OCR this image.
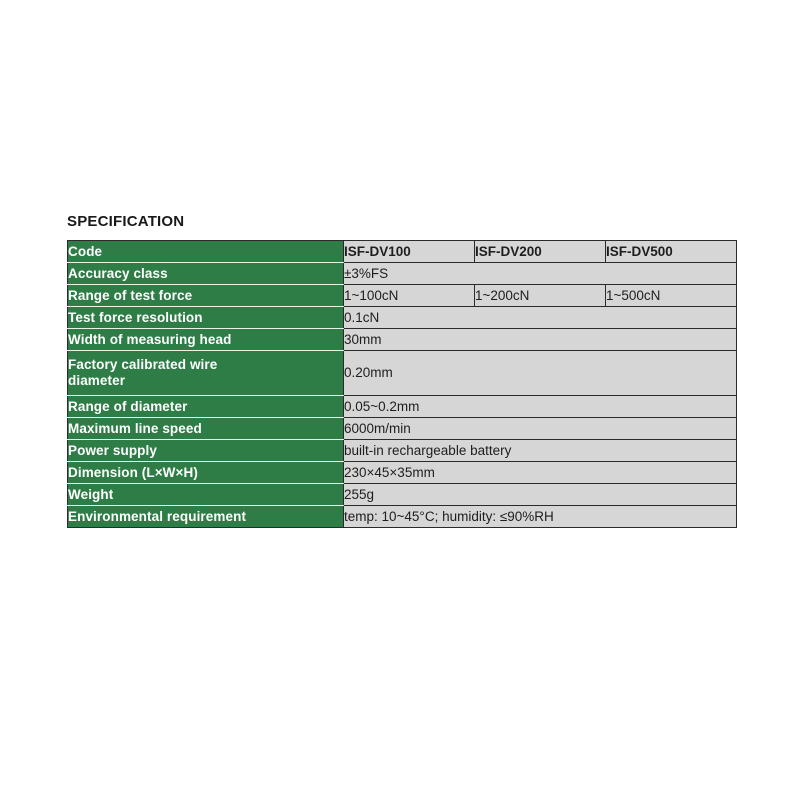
SPECIFICATION
Code	ISF-DV100	ISF-DV200	ISF-DV500

Accuracy class	±3%FS		

Range of test force	1~100cN	1~200cN	1~500cN

Test force resolution	0.1cN		

Width of measuring head	30mm		

Factory calibrated wire
diameter	0.20mm		

Range of diameter	0.05~0.2mm		

Maximum line speed	6000m/min		

Power supply	built-in rechargeable battery		

Dimension (L×W×H)	230×45×35mm		

Weight	255g		

Environmental requirement	temp: 10~45°C; humidity: ≤90%RH		
